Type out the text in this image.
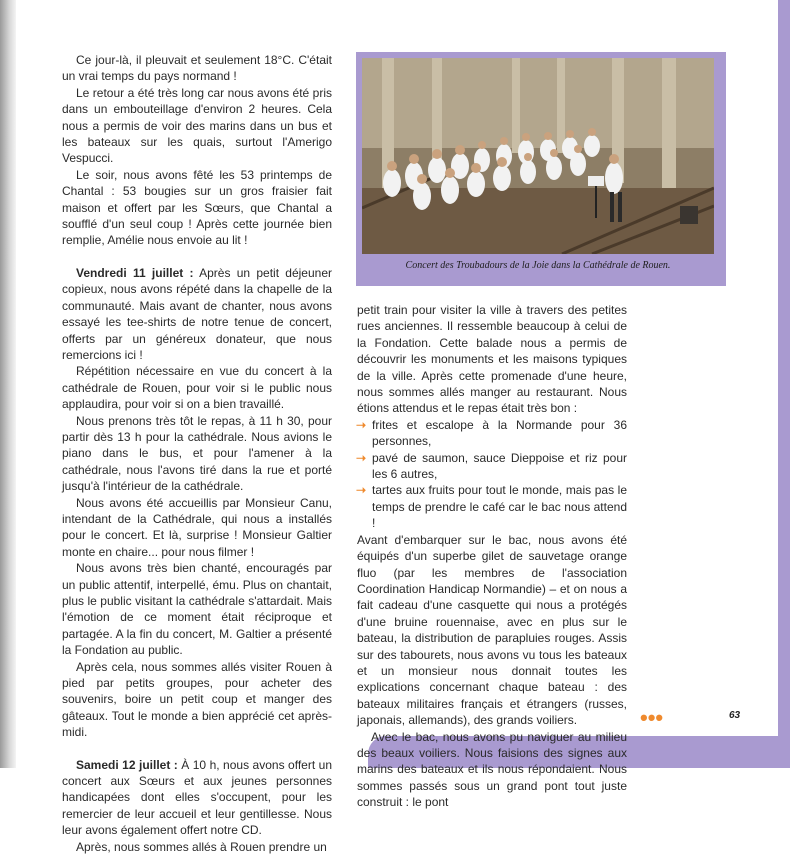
Ce jour-là, il pleuvait et seulement 18°C. C'était un vrai temps du pays normand !

Le retour a été très long car nous avons été pris dans un embouteillage d'environ 2 heures. Cela nous a permis de voir des marins dans un bus et les bateaux sur les quais, surtout l'Amerigo Vespucci.

Le soir, nous avons fêté les 53 printemps de Chantal : 53 bougies sur un gros fraisier fait maison et offert par les Sœurs, que Chantal a soufflé d'un seul coup ! Après cette journée bien remplie, Amélie nous envoie au lit !

Vendredi 11 juillet : Après un petit déjeuner copieux, nous avons répété dans la chapelle de la communauté. Mais avant de chanter, nous avons essayé les tee-shirts de notre tenue de concert, offerts par un généreux donateur, que nous remercions ici !

Répétition nécessaire en vue du concert à la cathédrale de Rouen, pour voir si le public nous applaudira, pour voir si on a bien travaillé.

Nous prenons très tôt le repas, à 11 h 30, pour partir dès 13 h pour la cathédrale. Nous avions le piano dans le bus, et pour l'amener à la cathédrale, nous l'avons tiré dans la rue et porté jusqu'à l'intérieur de la cathédrale.

Nous avons été accueillis par Monsieur Canu, intendant de la Cathédrale, qui nous a installés pour le concert. Et là, surprise ! Monsieur Galtier monte en chaire... pour nous filmer !

Nous avons très bien chanté, encouragés par un public attentif, interpellé, ému. Plus on chantait, plus le public visitant la cathédrale s'attardait. Mais l'émotion de ce moment était réciproque et partagée. A la fin du concert, M. Galtier a présenté la Fondation au public.

Après cela, nous sommes allés visiter Rouen à pied par petits groupes, pour acheter des souvenirs, boire un petit coup et manger des gâteaux. Tout le monde a bien apprécié cet après-midi.

Samedi 12 juillet : À 10 h, nous avons offert un concert aux Sœurs et aux jeunes personnes handicapées dont elles s'occupent, pour les remercier de leur accueil et leur gentillesse. Nous leur avons également offert notre CD.

Après, nous sommes allés à Rouen prendre un

Concert des Troubadours de la Joie dans la Cathédrale de Rouen.

petit train pour visiter la ville à travers des petites rues anciennes. Il ressemble beaucoup à celui de la Fondation. Cette balade nous a permis de découvrir les monuments et les maisons typiques de la ville. Après cette promenade d'une heure, nous sommes allés manger au restaurant. Nous étions attendus et le repas était très bon :

➝ frites et escalope à la Normande pour 36 personnes,

➝ pavé de saumon, sauce Dieppoise et riz pour les 6 autres,

➝ tartes aux fruits pour tout le monde, mais pas le temps de prendre le café car le bac nous attend !

Avant d'embarquer sur le bac, nous avons été équipés d'un superbe gilet de sauvetage orange fluo (par les membres de l'association Coordination Handicap Normandie) – et on nous a fait cadeau d'une casquette qui nous a protégés d'une bruine rouennaise, avec en plus sur le bateau, la distribution de parapluies rouges. Assis sur des tabourets, nous avons vu tous les bateaux et un monsieur nous donnait toutes les explications concernant chaque bateau : des bateaux militaires français et étrangers (russes, japonais, allemands), des grands voiliers.

Avec le bac, nous avons pu naviguer au milieu des beaux voiliers. Nous faisions des signes aux marins des bateaux et ils nous répondaient. Nous sommes passés sous un grand pont tout juste construit : le pont

•••	63
